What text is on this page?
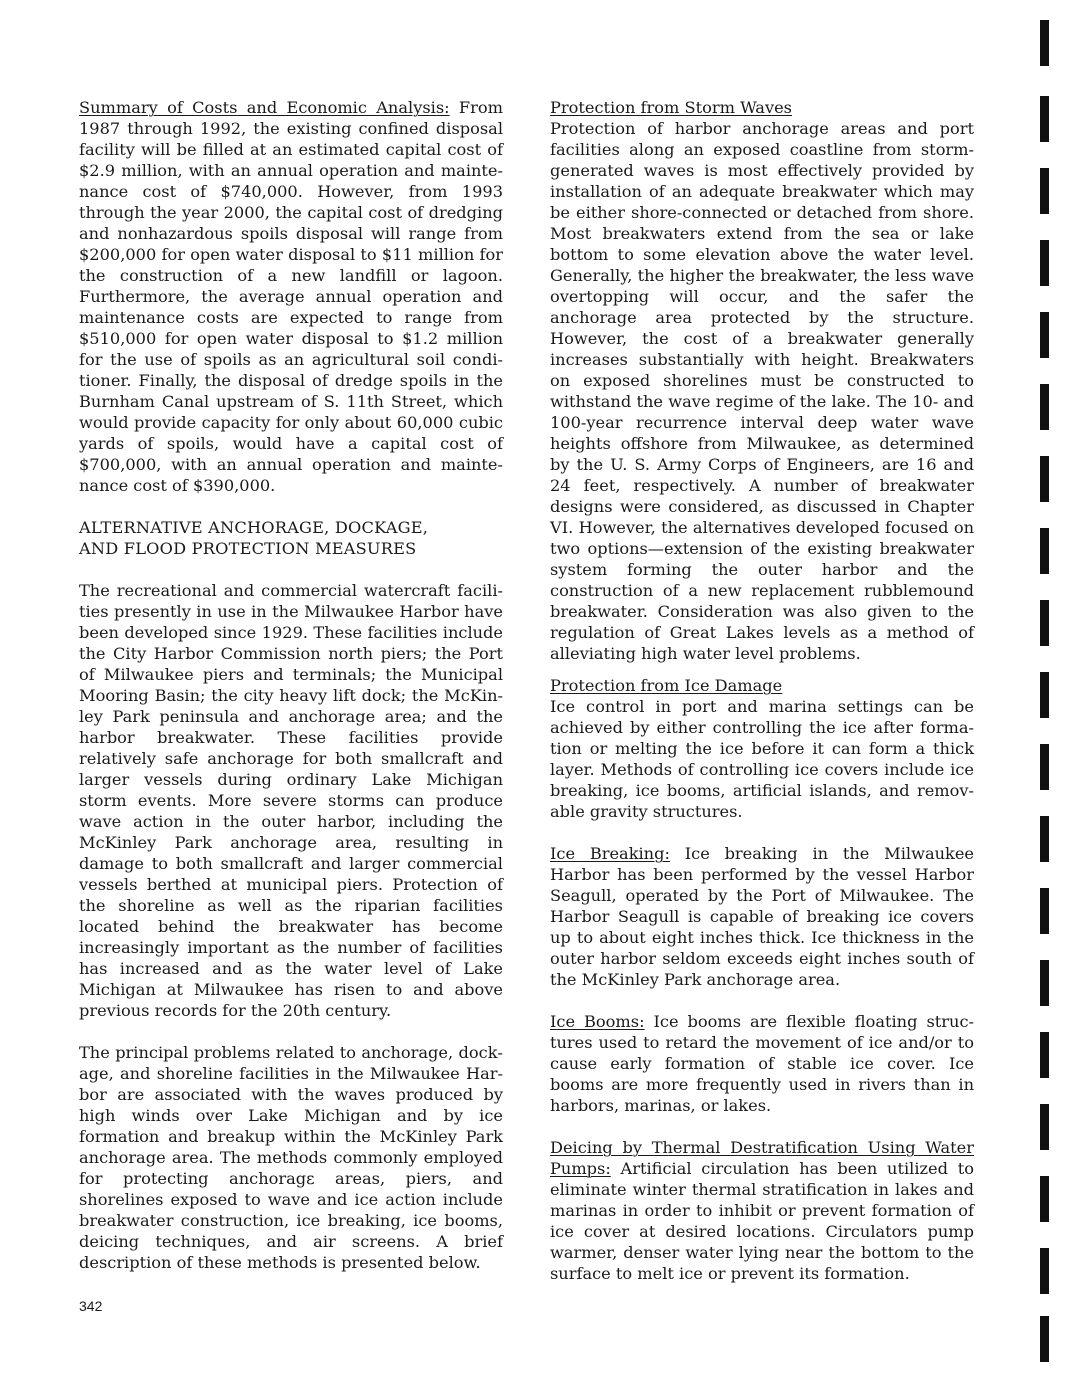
Summary of Costs and Economic Analysis: From 1987 through 1992, the existing confined disposal facility will be filled at an estimated capital cost of $2.9 million, with an annual operation and maintenance cost of $740,000. However, from 1993 through the year 2000, the capital cost of dredging and nonhazardous spoils disposal will range from $200,000 for open water disposal to $11 million for the construction of a new landfill or lagoon. Furthermore, the average annual operation and maintenance costs are expected to range from $510,000 for open water disposal to $1.2 million for the use of spoils as an agricultural soil conditioner. Finally, the disposal of dredge spoils in the Burnham Canal upstream of S. 11th Street, which would provide capacity for only about 60,000 cubic yards of spoils, would have a capital cost of $700,000, with an annual operation and maintenance cost of $390,000.

ALTERNATIVE ANCHORAGE, DOCKAGE,
AND FLOOD PROTECTION MEASURES

The recreational and commercial watercraft facilities presently in use in the Milwaukee Harbor have been developed since 1929. These facilities include the City Harbor Commission north piers; the Port of Milwaukee piers and terminals; the Municipal Mooring Basin; the city heavy lift dock; the McKinley Park peninsula and anchorage area; and the harbor breakwater. These facilities provide relatively safe anchorage for both smallcraft and larger vessels during ordinary Lake Michigan storm events. More severe storms can produce wave action in the outer harbor, including the McKinley Park anchorage area, resulting in damage to both smallcraft and larger commercial vessels berthed at municipal piers. Protection of the shoreline as well as the riparian facilities located behind the breakwater has become increasingly important as the number of facilities has increased and as the water level of Lake Michigan at Milwaukee has risen to and above previous records for the 20th century.

The principal problems related to anchorage, dockage, and shoreline facilities in the Milwaukee Harbor are associated with the waves produced by high winds over Lake Michigan and by ice formation and breakup within the McKinley Park anchorage area. The methods commonly employed for protecting anchoragε areas, piers, and shorelines exposed to wave and ice action include breakwater construction, ice breaking, ice booms, deicing techniques, and air screens. A brief description of these methods is presented below.

Protection from Storm Waves
Protection of harbor anchorage areas and port facilities along an exposed coastline from storm-generated waves is most effectively provided by installation of an adequate breakwater which may be either shore-connected or detached from shore. Most breakwaters extend from the sea or lake bottom to some elevation above the water level. Generally, the higher the breakwater, the less wave overtopping will occur, and the safer the anchorage area protected by the structure. However, the cost of a breakwater generally increases substantially with height. Breakwaters on exposed shorelines must be constructed to withstand the wave regime of the lake. The 10- and 100-year recurrence interval deep water wave heights offshore from Milwaukee, as determined by the U. S. Army Corps of Engineers, are 16 and 24 feet, respectively. A number of breakwater designs were considered, as discussed in Chapter VI. However, the alternatives developed focused on two options—extension of the existing breakwater system forming the outer harbor and the construction of a new replacement rubblemound breakwater. Consideration was also given to the regulation of Great Lakes levels as a method of alleviating high water level problems.

Protection from Ice Damage
Ice control in port and marina settings can be achieved by either controlling the ice after formation or melting the ice before it can form a thick layer. Methods of controlling ice covers include ice breaking, ice booms, artificial islands, and removable gravity structures.

Ice Breaking: Ice breaking in the Milwaukee Harbor has been performed by the vessel Harbor Seagull, operated by the Port of Milwaukee. The Harbor Seagull is capable of breaking ice covers up to about eight inches thick. Ice thickness in the outer harbor seldom exceeds eight inches south of the McKinley Park anchorage area.

Ice Booms: Ice booms are flexible floating structures used to retard the movement of ice and/or to cause early formation of stable ice cover. Ice booms are more frequently used in rivers than in harbors, marinas, or lakes.

Deicing by Thermal Destratification Using Water Pumps: Artificial circulation has been utilized to eliminate winter thermal stratification in lakes and marinas in order to inhibit or prevent formation of ice cover at desired locations. Circulators pump warmer, denser water lying near the bottom to the surface to melt ice or prevent its formation.

342
